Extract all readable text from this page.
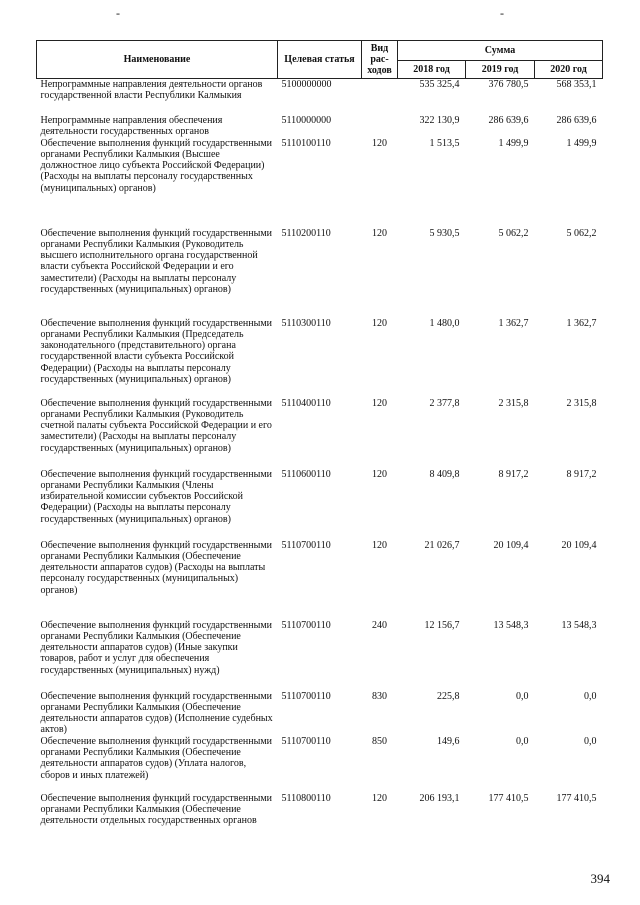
-	-
Наименование	Целевая статья	Вид рас-ходов	Сумма		
			2018 год	2019 год	2020 год
Непрограммные направления деятельности органов государственной власти Республики Калмыкия	5100000000		535 325,4	376 780,5	568 353,1
Непрограммные направления обеспечения деятельности государственных органов	5110000000		322 130,9	286 639,6	286 639,6
Обеспечение выполнения функций государственными органами Республики Калмыкия (Высшее должностное лицо субъекта Российской Федерации) (Расходы на выплаты персоналу государственных (муниципальных) органов)	5110100110	120	1 513,5	1 499,9	1 499,9
Обеспечение выполнения функций государственными органами Республики Калмыкия (Руководитель высшего исполнительного органа государственной власти субъекта Российской Федерации и его заместители) (Расходы на выплаты персоналу государственных (муниципальных) органов)	5110200110	120	5 930,5	5 062,2	5 062,2
Обеспечение выполнения функций государственными органами Республики Калмыкия (Председатель законодательного (представительного) органа государственной власти субъекта Российской Федерации) (Расходы на выплаты персоналу государственных (муниципальных) органов)	5110300110	120	1 480,0	1 362,7	1 362,7
Обеспечение выполнения функций государственными органами Республики Калмыкия (Руководитель счетной палаты субъекта Российской Федерации и его заместители) (Расходы на выплаты персоналу государственных (муниципальных) органов)	5110400110	120	2 377,8	2 315,8	2 315,8
Обеспечение выполнения функций государственными органами Республики Калмыкия (Члены избирательной комиссии субъектов Российской Федерации) (Расходы на выплаты персоналу государственных (муниципальных) органов)	5110600110	120	8 409,8	8 917,2	8 917,2
Обеспечение выполнения функций государственными органами Республики Калмыкия (Обеспечение деятельности аппаратов судов) (Расходы на выплаты персоналу государственных (муниципальных) органов)	5110700110	120	21 026,7	20 109,4	20 109,4
Обеспечение выполнения функций государственными органами Республики Калмыкия (Обеспечение деятельности аппаратов судов) (Иные закупки товаров, работ и услуг для обеспечения государственных (муниципальных) нужд)	5110700110	240	12 156,7	13 548,3	13 548,3
Обеспечение выполнения функций государственными органами Республики Калмыкия (Обеспечение деятельности аппаратов судов) (Исполнение судебных актов)	5110700110	830	225,8	0,0	0,0
Обеспечение выполнения функций государственными органами Республики Калмыкия (Обеспечение деятельности аппаратов судов) (Уплата налогов, сборов и иных платежей)	5110700110	850	149,6	0,0	0,0
Обеспечение выполнения функций государственными органами Республики Калмыкия (Обеспечение деятельности отдельных государственных органов	5110800110	120	206 193,1	177 410,5	177 410,5
394
